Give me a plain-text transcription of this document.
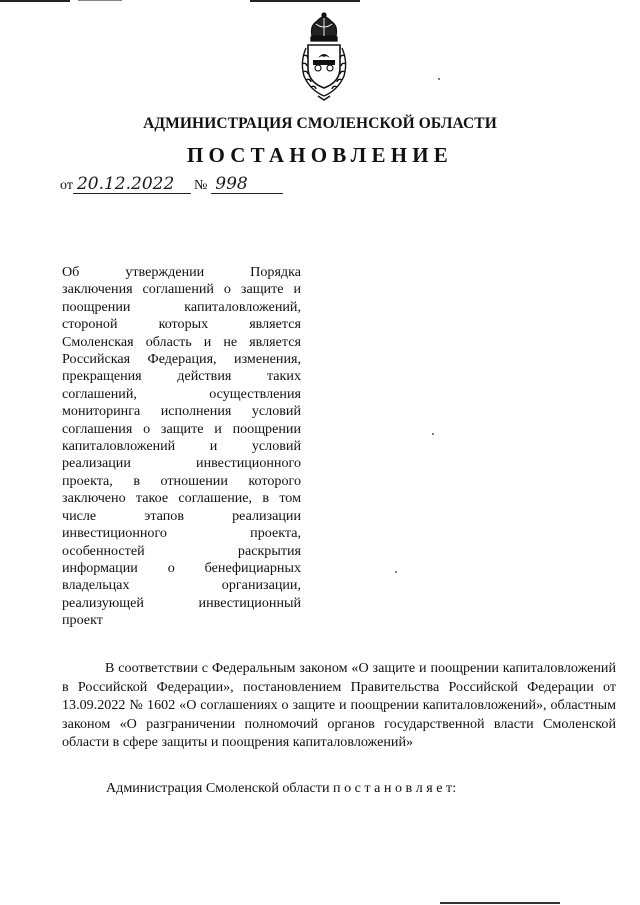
АДМИНИСТРАЦИЯ СМОЛЕНСКОЙ ОБЛАСТИ
ПОСТАНОВЛЕНИЕ
от 20.12.2022	№ 998
Об утверждении Порядка
заключения соглашений о защите и
поощрении капиталовложений,
стороной которых является
Смоленская область и не является
Российская Федерация, изменения,
прекращения действия таких
соглашений, осуществления
мониторинга исполнения условий
соглашения о защите и поощрении
капиталовложений и условий
реализации инвестиционного
проекта, в отношении которого
заключено такое соглашение, в том
числе этапов реализации
инвестиционного проекта,
особенностей раскрытия
информации о бенефициарных
владельцах организации,
реализующей инвестиционный
проект
В соответствии с Федеральным законом «О защите и поощрении капиталовложений в Российской Федерации», постановлением Правительства Российской Федерации от 13.09.2022 № 1602 «О соглашениях о защите и поощрении капиталовложений», областным законом «О разграничении полномочий органов государственной власти Смоленской области в сфере защиты и поощрения капиталовложений»
Администрация Смоленской области п о с т а н о в л я е т:
